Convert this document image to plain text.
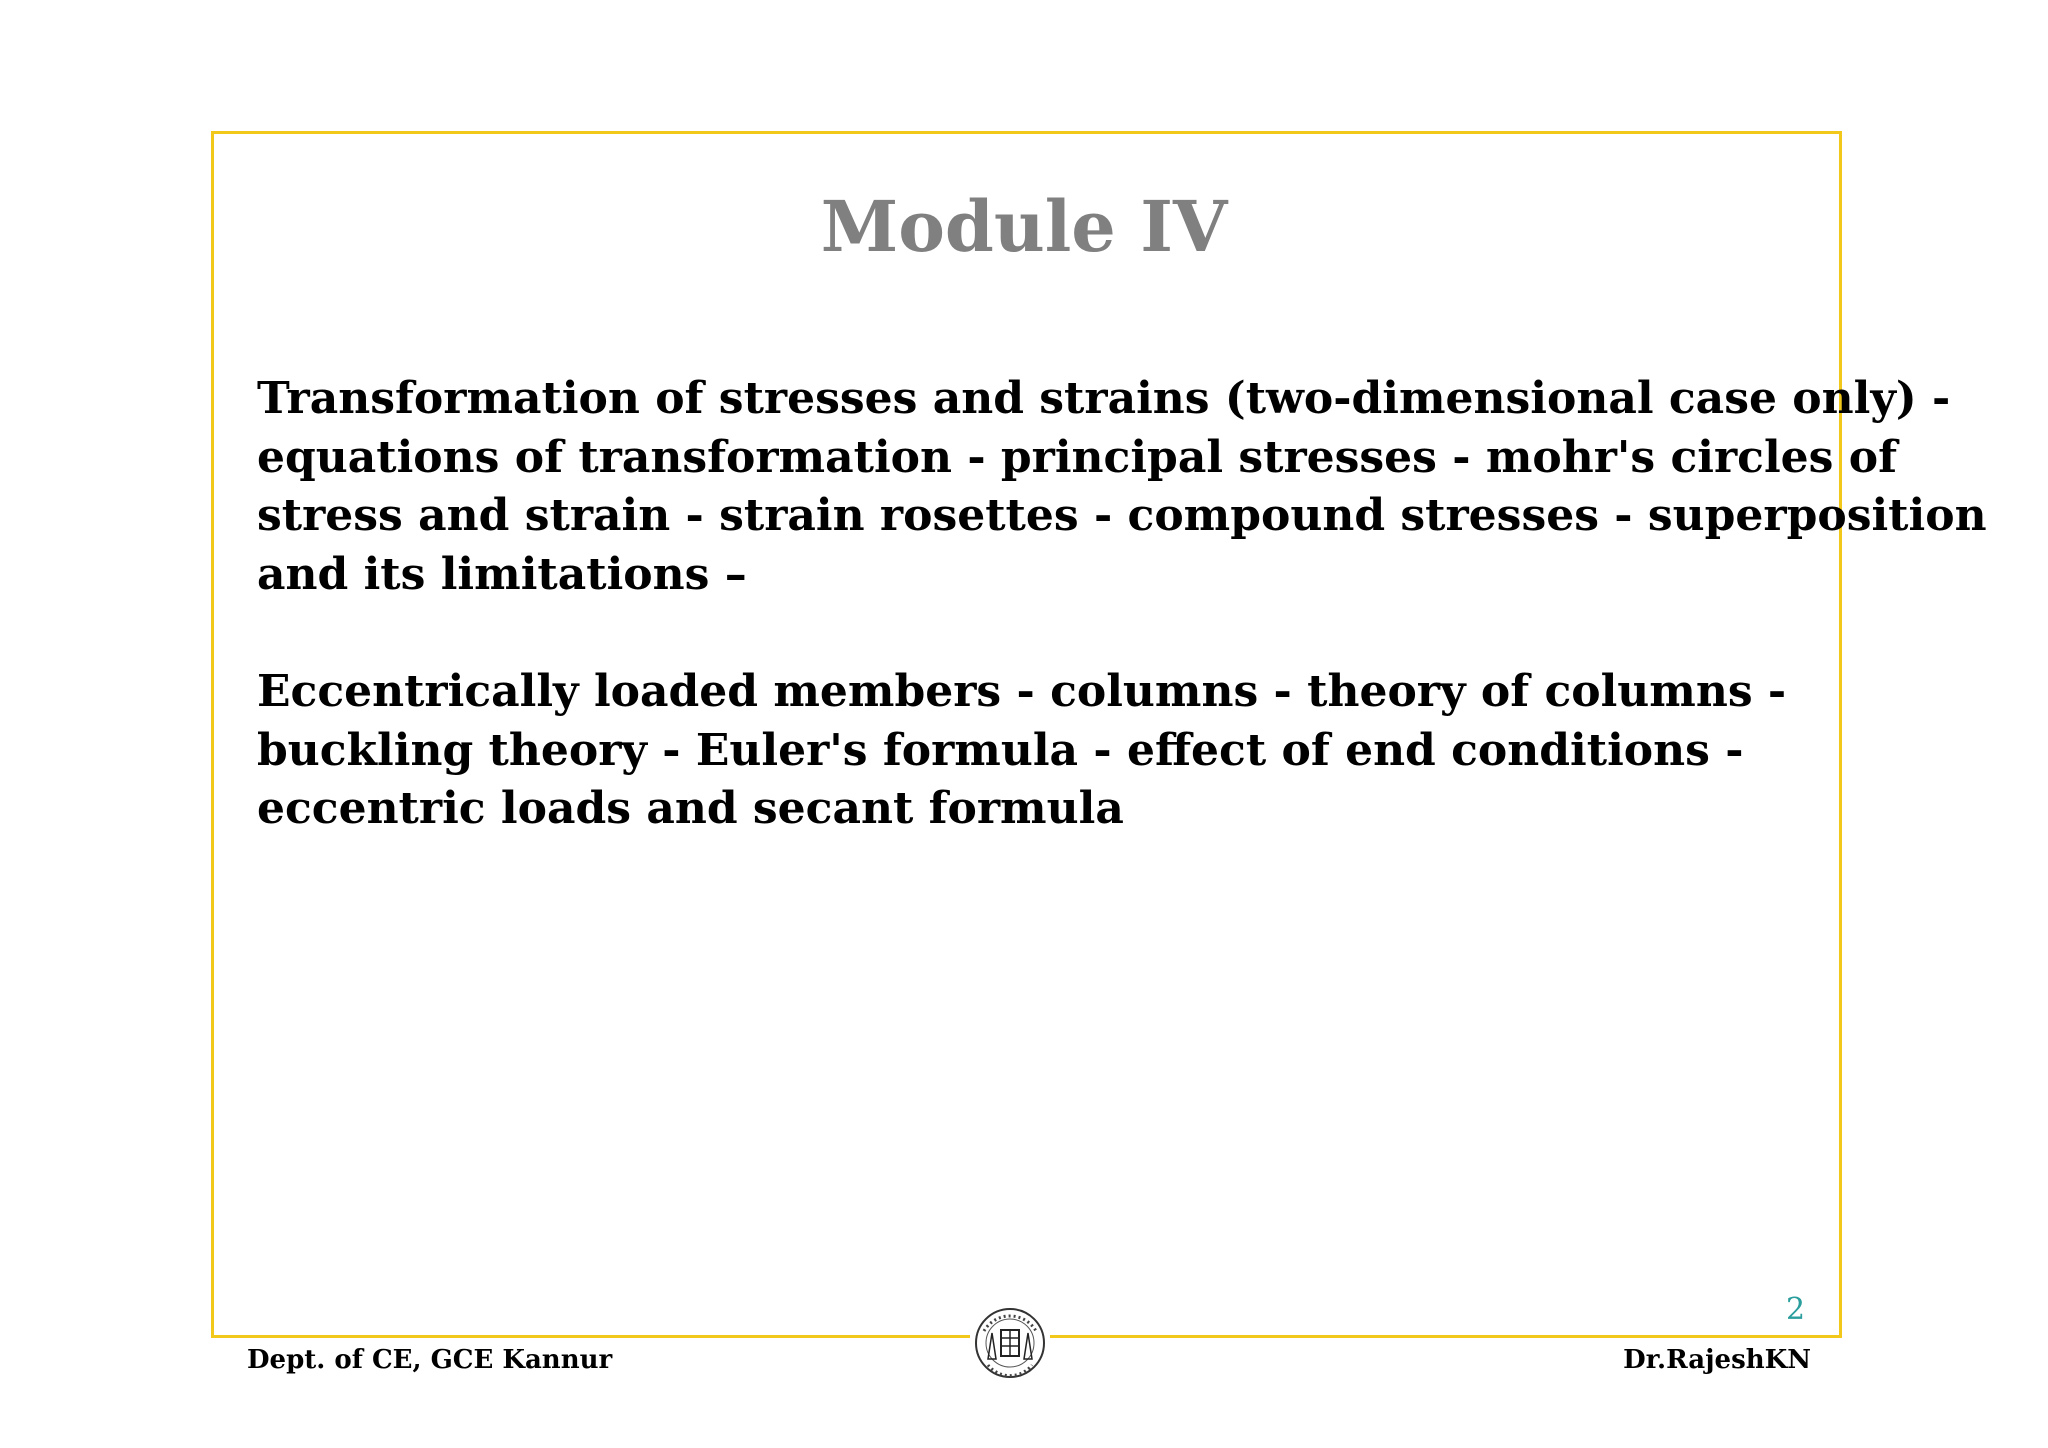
Module IV
Transformation of stresses and strains (two-dimensional case only) -
equations of transformation - principal stresses - mohr's circles of
stress and strain - strain rosettes - compound stresses - superposition
and its limitations –
Eccentrically loaded members - columns - theory of columns -
buckling theory - Euler's formula - effect of end conditions -
eccentric loads and secant formula
2
Dept. of CE, GCE Kannur	Dr.RajeshKN
